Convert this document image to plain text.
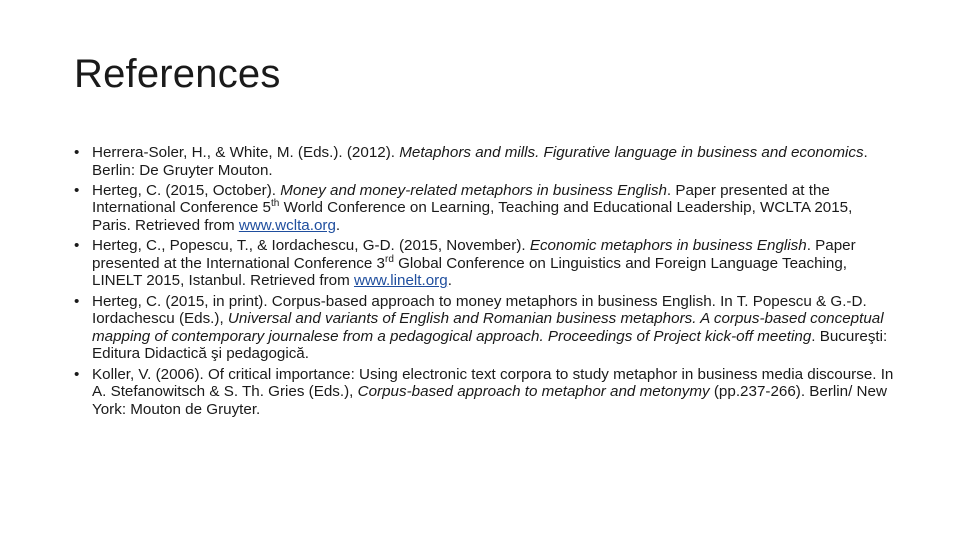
References
• Herrera-Soler, H., & White, M. (Eds.). (2012). Metaphors and mills. Figurative language in business and economics. Berlin: De Gruyter Mouton.
• Herteg, C. (2015, October). Money and money-related metaphors in business English. Paper presented at the International Conference 5th World Conference on Learning, Teaching and Educational Leadership, WCLTA 2015, Paris. Retrieved from www.wclta.org.
• Herteg, C., Popescu, T., & Iordachescu, G-D. (2015, November). Economic metaphors in business English. Paper presented at the International Conference 3rd Global Conference on Linguistics and Foreign Language Teaching, LINELT 2015, Istanbul. Retrieved from www.linelt.org.
• Herteg, C. (2015, in print). Corpus-based approach to money metaphors in business English. In T. Popescu & G.-D. Iordachescu (Eds.), Universal and variants of English and Romanian business metaphors. A corpus-based conceptual mapping of contemporary journalese from a pedagogical approach. Proceedings of Project kick-off meeting. Bucureşti: Editura Didactică şi pedagogică.
• Koller, V. (2006). Of critical importance: Using electronic text corpora to study metaphor in business media discourse. In A. Stefanowitsch & S. Th. Gries (Eds.), Corpus-based approach to metaphor and metonymy (pp.237-266). Berlin/ New York: Mouton de Gruyter.
